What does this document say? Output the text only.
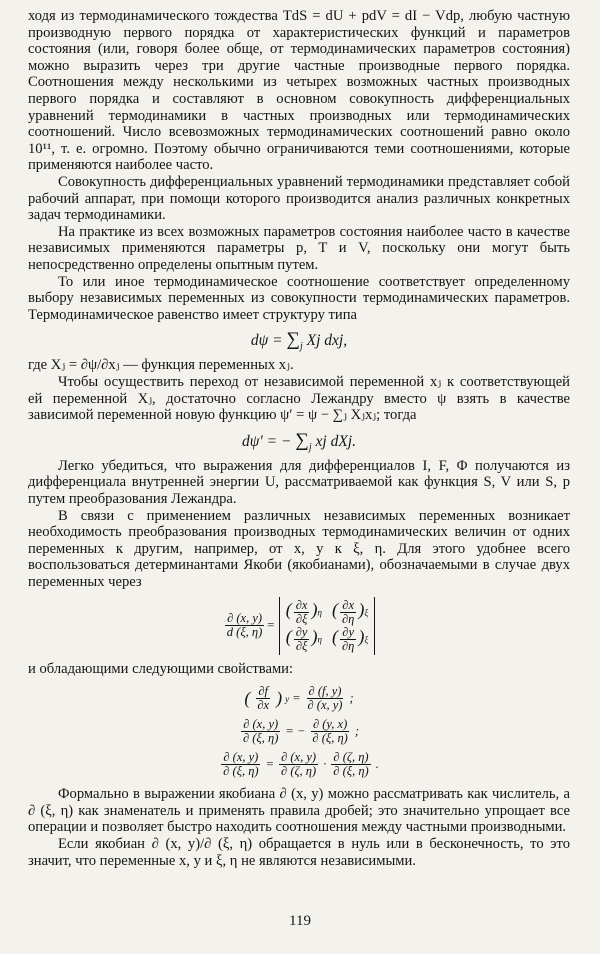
ходя из термодинамического тождества TdS = dU + pdV = dI − Vdp, любую частную производную первого порядка от характеристических функций и параметров состояния (или, говоря более обще, от термодинамических параметров состояния) можно выразить через три другие частные производные первого порядка. Соотношения между несколькими из четырех возможных частных производных первого порядка и составляют в основном совокупность дифференциальных уравнений термодинамики в частных производных или термодинамических соотношений. Число всевозможных термодинамических соотношений равно около 10¹¹, т. е. огромно. Поэтому обычно ограничиваются теми соотношениями, которые применяются наиболее часто.

Совокупность дифференциальных уравнений термодинамики представляет собой рабочий аппарат, при помощи которого производится анализ различных конкретных задач термодинамики.

На практике из всех возможных параметров состояния наиболее часто в качестве независимых применяются параметры p, T и V, поскольку они могут быть непосредственно определены опытным путем.

То или иное термодинамическое соотношение соответствует определенному выбору независимых переменных из совокупности термодинамических параметров. Термодинамическое равенство имеет структуру типа

$d\psi = \sum_j$ Xj dxj,

где Xⱼ = ∂ψ/∂xⱼ — функция переменных xⱼ.

Чтобы осуществить переход от независимой переменной xⱼ к соответствующей ей переменной Xⱼ, достаточно согласно Лежандру вместо ψ взять в качестве зависимой переменной новую функцию ψ′ = ψ − ∑ⱼ Xⱼxⱼ; тогда

dψ′ = − $\sum_j$ xj dXj.

Легко убедиться, что выражения для дифференциалов I, F, Φ получаются из дифференциала внутренней энергии U, рассматриваемой как функция S, V или S, p путем преобразования Лежандра.

В связи с применением различных независимых переменных возникает необходимость преобразования производных термодинамических величин от одних переменных к другим, например, от x, y к ξ, η. Для этого удобнее всего воспользоваться детерминантами Якоби (якобианами), обозначаемыми в случае двух переменных через

$\frac{\partial (x, y)}{d (\xi, \eta)}$ =
( $\frac{\partial x}{\partial\xi} )\eta$ ( $\frac{\partial x}{\partial\eta} )\xi$
( $\frac{\partial y}{\partial\xi} )\eta$ ( $\frac{\partial y}{\partial\eta} )\xi$

и обладающими следующими свойствами:

( $\frac{\partial f}{\partial x}$ ) $y = \frac{\partial (f, y)}{\partial (x, y)}$ ;
$\frac{\partial (x, y)}{\partial (\xi, \eta)}$ = − $\frac{\partial (y, x)}{\partial (\xi, \eta)}$ ;
$\frac{\partial (x, y)}{\partial (\xi, \eta)} = \frac{\partial (x, y)}{\partial (\zeta, \eta)} \cdot \frac{\partial (\zeta, \eta)}{\partial (\xi, \eta)}$ .

Формально в выражении якобиана ∂ (x, y) можно рассматривать как числитель, а ∂ (ξ, η) как знаменатель и применять правила дробей; это значительно упрощает все операции и позволяет быстро находить соотношения между частными производными.

Если якобиан ∂ (x, y)/∂ (ξ, η) обращается в нуль или в бесконечность, то это значит, что переменные x, y и ξ, η не являются независимыми.

119
